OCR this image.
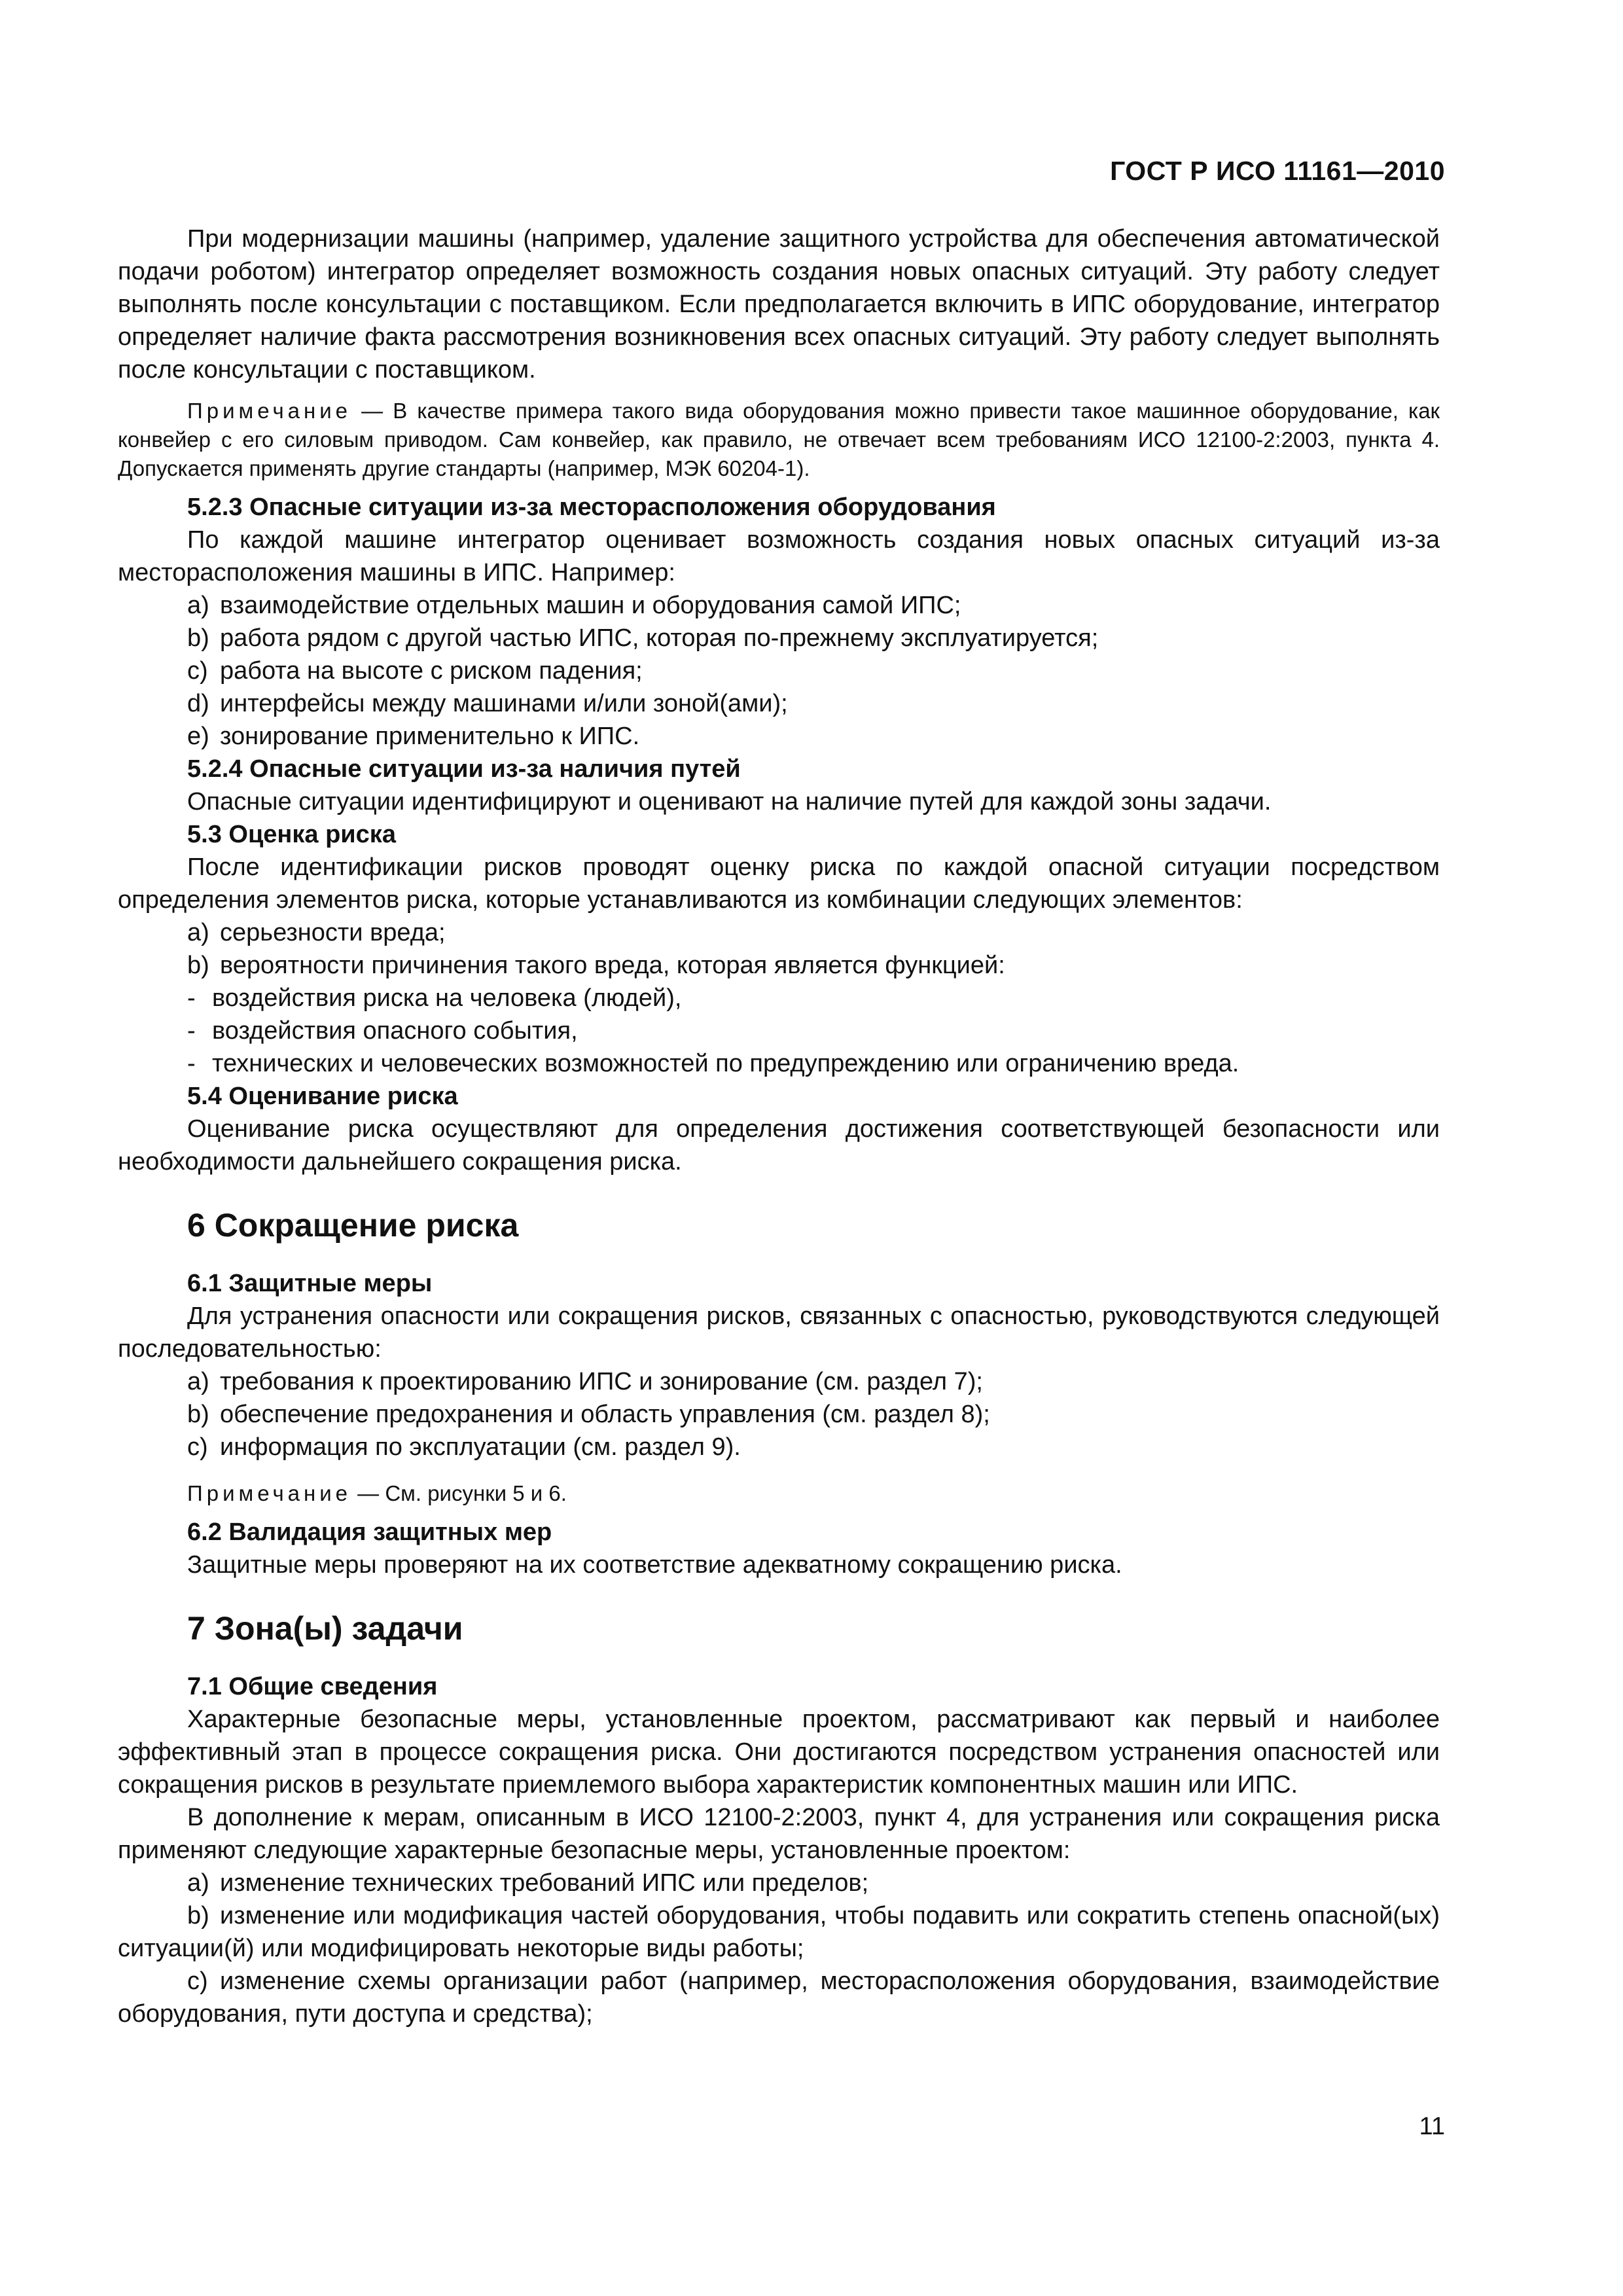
ГОСТ Р ИСО 11161—2010

При модернизации машины (например, удаление защитного устройства для обеспечения автоматической подачи роботом) интегратор определяет возможность создания новых опасных ситуаций. Эту работу следует выполнять после консультации с поставщиком. Если предполагается включить в ИПС оборудование, интегратор определяет наличие факта рассмотрения возникновения всех опасных ситуаций. Эту работу следует выполнять после консультации с поставщиком.

Примечание — В качестве примера такого вида оборудования можно привести такое машинное оборудование, как конвейер с его силовым приводом. Сам конвейер, как правило, не отвечает всем требованиям ИСО 12100-2:2003, пункта 4. Допускается применять другие стандарты (например, МЭК 60204-1).

5.2.3 Опасные ситуации из-за месторасположения оборудования

По каждой машине интегратор оценивает возможность создания новых опасных ситуаций из-за месторасположения машины в ИПС. Например:

a) взаимодействие отдельных машин и оборудования самой ИПС;

b) работа рядом с другой частью ИПС, которая по-прежнему эксплуатируется;

c) работа на высоте с риском падения;

d) интерфейсы между машинами и/или зоной(ами);

e) зонирование применительно к ИПС.

5.2.4 Опасные ситуации из-за наличия путей

Опасные ситуации идентифицируют и оценивают на наличие путей для каждой зоны задачи.

5.3 Оценка риска

После идентификации рисков проводят оценку риска по каждой опасной ситуации посредством определения элементов риска, которые устанавливаются из комбинации следующих элементов:

a) серьезности вреда;

b) вероятности причинения такого вреда, которая является функцией:

- воздействия риска на человека (людей),

- воздействия опасного события,

- технических и человеческих возможностей по предупреждению или ограничению вреда.

5.4 Оценивание риска

Оценивание риска осуществляют для определения достижения соответствующей безопасности или необходимости дальнейшего сокращения риска.

6 Сокращение риска
6.1 Защитные меры

Для устранения опасности или сокращения рисков, связанных с опасностью, руководствуются следующей последовательностью:

a) требования к проектированию ИПС и зонирование (см. раздел 7);

b) обеспечение предохранения и область управления (см. раздел 8);

c) информация по эксплуатации (см. раздел 9).

Примечание — См. рисунки 5 и 6.

6.2 Валидация защитных мер

Защитные меры проверяют на их соответствие адекватному сокращению риска.

7 Зона(ы) задачи
7.1 Общие сведения

Характерные безопасные меры, установленные проектом, рассматривают как первый и наиболее эффективный этап в процессе сокращения риска. Они достигаются посредством устранения опасностей или сокращения рисков в результате приемлемого выбора характеристик компонентных машин или ИПС.

В дополнение к мерам, описанным в ИСО 12100-2:2003, пункт 4, для устранения или сокращения риска применяют следующие характерные безопасные меры, установленные проектом:

a) изменение технических требований ИПС или пределов;

b) изменение или модификация частей оборудования, чтобы подавить или сократить степень опасной(ых) ситуации(й) или модифицировать некоторые виды работы;

c) изменение схемы организации работ (например, месторасположения оборудования, взаимодействие оборудования, пути доступа и средства);

11
